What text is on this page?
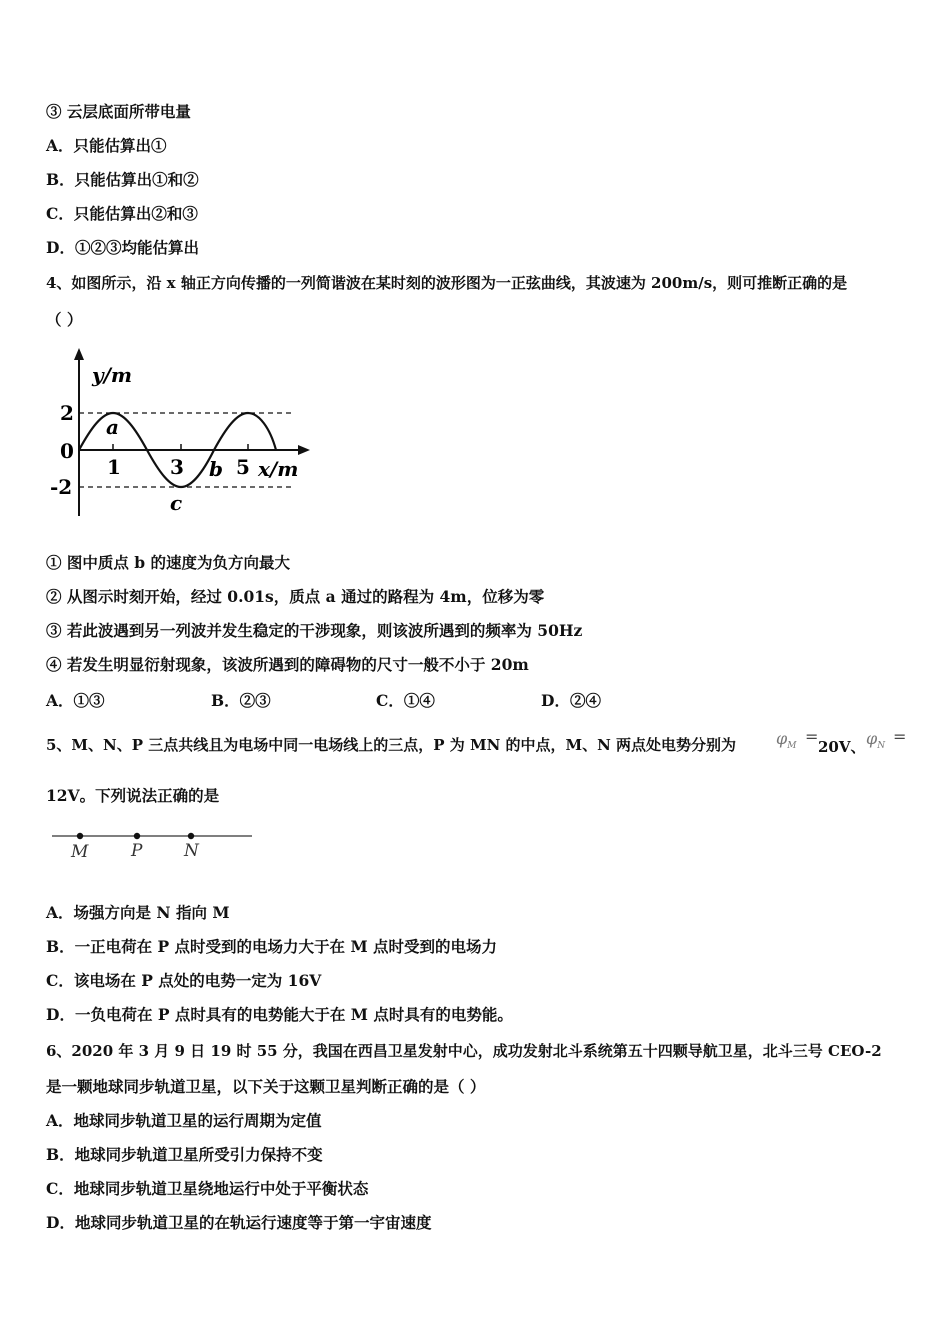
③ 云层底面所带电量
A．只能估算出①
B．只能估算出①和②
C．只能估算出②和③
D．①②③均能估算出
4、如图所示，沿 x 轴正方向传播的一列简谐波在某时刻的波形图为一正弦曲线，其波速为 200m/s，则可推断正确的是
（ ）
y/m
2
0
-2
1 3	5 x/m
a
b
c
① 图中质点 b 的速度为负方向最大
② 从图示时刻开始，经过 0.01s，质点 a 通过的路程为 4m，位移为零
③ 若此波遇到另一列波并发生稳定的干涉现象，则该波所遇到的频率为 50Hz
④ 若发生明显衍射现象，该波所遇到的障碍物的尺寸一般不小于 20m
A．①③	B．②③	C．①④	D．②④
5、M、N、P 三点共线且为电场中同一电场线上的三点，P 为 MN 的中点，M、N 两点处电势分别为 $\varphi_M$
=
20V、 $\varphi_N$
=
12V。下列说法正确的是
M	P N
A．场强方向是 N 指向 M
B．一正电荷在 P 点时受到的电场力大于在 M 点时受到的电场力
C．该电场在 P 点处的电势一定为 16V
D．一负电荷在 P 点时具有的电势能大于在 M 点时具有的电势能。
6、2020 年 3 月 9 日 19 时 55 分，我国在西昌卫星发射中心，成功发射北斗系统第五十四颗导航卫星，北斗三号 CEO-2
是一颗地球同步轨道卫星，以下关于这颗卫星判断正确的是（ ）
A．地球同步轨道卫星的运行周期为定值
B．地球同步轨道卫星所受引力保持不变
C．地球同步轨道卫星绕地运行中处于平衡状态
D．地球同步轨道卫星的在轨运行速度等于第一宇宙速度
